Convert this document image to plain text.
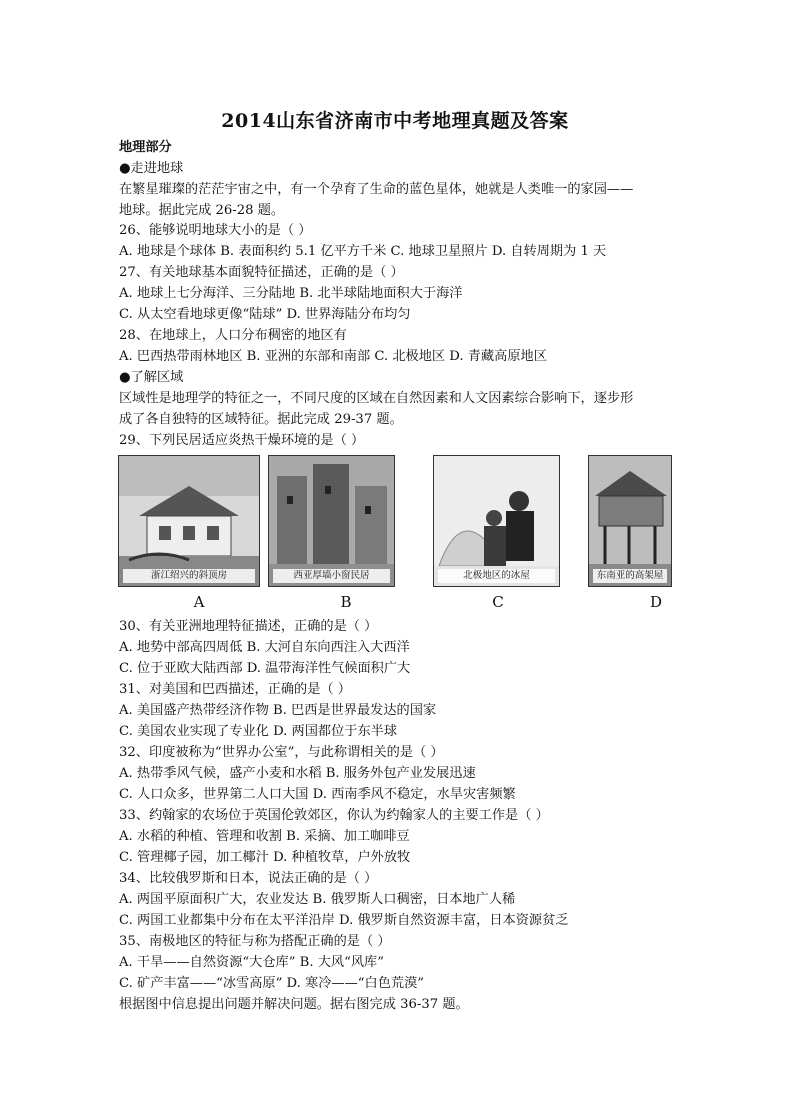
2014山东省济南市中考地理真题及答案
地理部分
●走进地球
在繁星璀璨的茫茫宇宙之中，有一个孕育了生命的蓝色星体，她就是人类唯一的家园——
地球。据此完成 26-28 题。
26、能够说明地球大小的是（ ）
A. 地球是个球体 B. 表面积约 5.1 亿平方千米 C. 地球卫星照片 D. 自转周期为 1 天
27、有关地球基本面貌特征描述，正确的是（ ）
A. 地球上七分海洋、三分陆地 B. 北半球陆地面积大于海洋
C. 从太空看地球更像“陆球” D. 世界海陆分布均匀
28、在地球上，人口分布稠密的地区有
A. 巴西热带雨林地区 B. 亚洲的东部和南部 C. 北极地区 D. 青藏高原地区
●了解区域
区域性是地理学的特征之一，不同尺度的区域在自然因素和人文因素综合影响下，逐步形
成了各自独特的区域特征。据此完成 29-37 题。
29、下列民居适应炎热干燥环境的是（ ）
浙江绍兴的斜顶房	西亚厚墙小窗民居	北极地区的冰屋	东南亚的高架屋
A	B	C	D
30、有关亚洲地理特征描述，正确的是（ ）
A. 地势中部高四周低 B. 大河自东向西注入大西洋
C. 位于亚欧大陆西部 D. 温带海洋性气候面积广大
31、对美国和巴西描述，正确的是（ ）
A. 美国盛产热带经济作物 B. 巴西是世界最发达的国家
C. 美国农业实现了专业化 D. 两国都位于东半球
32、印度被称为“世界办公室”，与此称谓相关的是（ ）
A. 热带季风气候，盛产小麦和水稻 B. 服务外包产业发展迅速
C. 人口众多，世界第二人口大国 D. 西南季风不稳定，水旱灾害频繁
33、约翰家的农场位于英国伦敦郊区，你认为约翰家人的主要工作是（ ）
A. 水稻的种植、管理和收割 B. 采摘、加工咖啡豆
C. 管理椰子园，加工椰汁 D. 种植牧草，户外放牧
34、比较俄罗斯和日本，说法正确的是（ ）
A. 两国平原面积广大，农业发达 B. 俄罗斯人口稠密，日本地广人稀
C. 两国工业都集中分布在太平洋沿岸 D. 俄罗斯自然资源丰富，日本资源贫乏
35、南极地区的特征与称为搭配正确的是（ ）
A. 干旱——自然资源“大仓库” B. 大风“风库”
C. 矿产丰富——“冰雪高原” D. 寒冷——“白色荒漠”
根据图中信息提出问题并解决问题。据右图完成 36-37 题。
